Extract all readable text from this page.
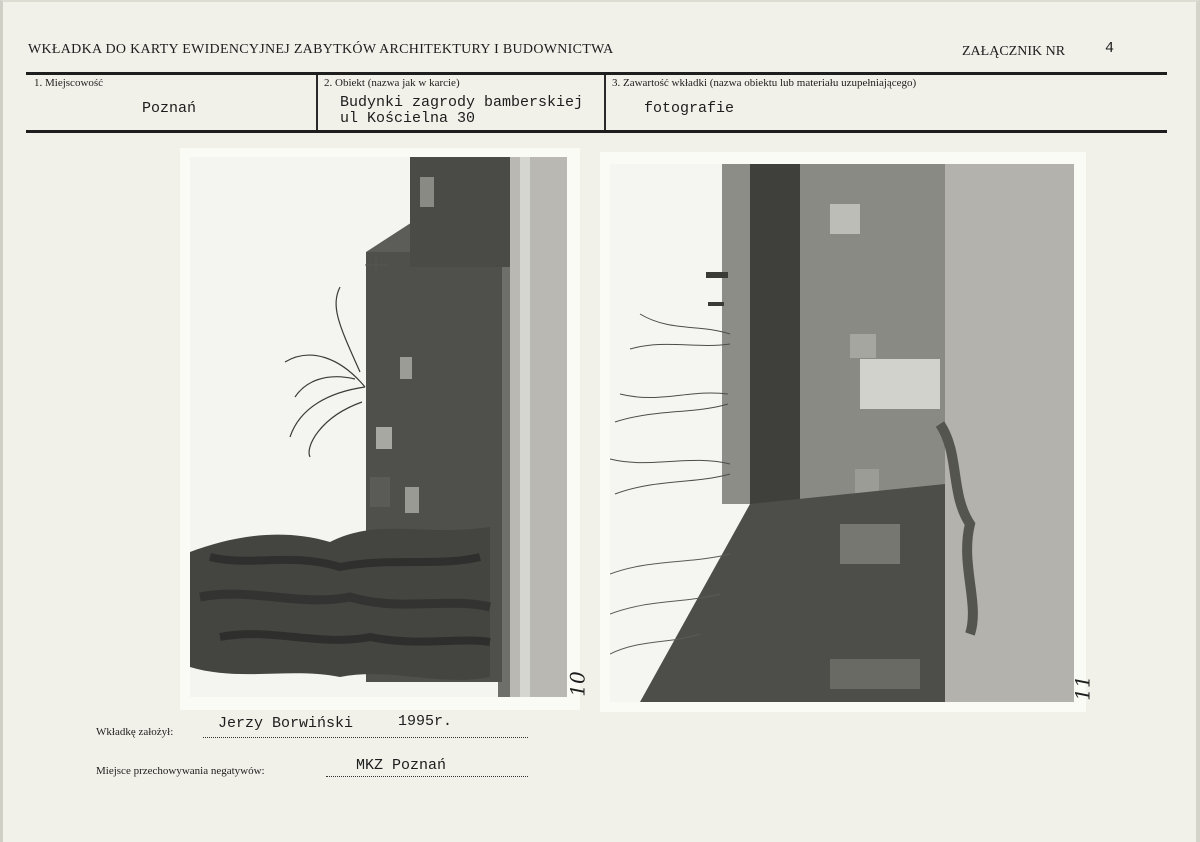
WKŁADKA DO KARTY EWIDENCYJNEJ ZABYTKÓW ARCHITEKTURY I BUDOWNICTWA	ZAŁĄCZNIK NR	4
1. Miejscowość
Poznań
2. Obiekt (nazwa jak w karcie)
Budynki zagrody bamberskiej
ul Kościelna 30
3. Zawartość wkładki (nazwa obiektu lub materiału uzupełniającego)
fotografie
10	11
Wkładkę założył:	Jerzy Borwiński	1995r.
Miejsce przechowywania negatywów:	MKZ Poznań
